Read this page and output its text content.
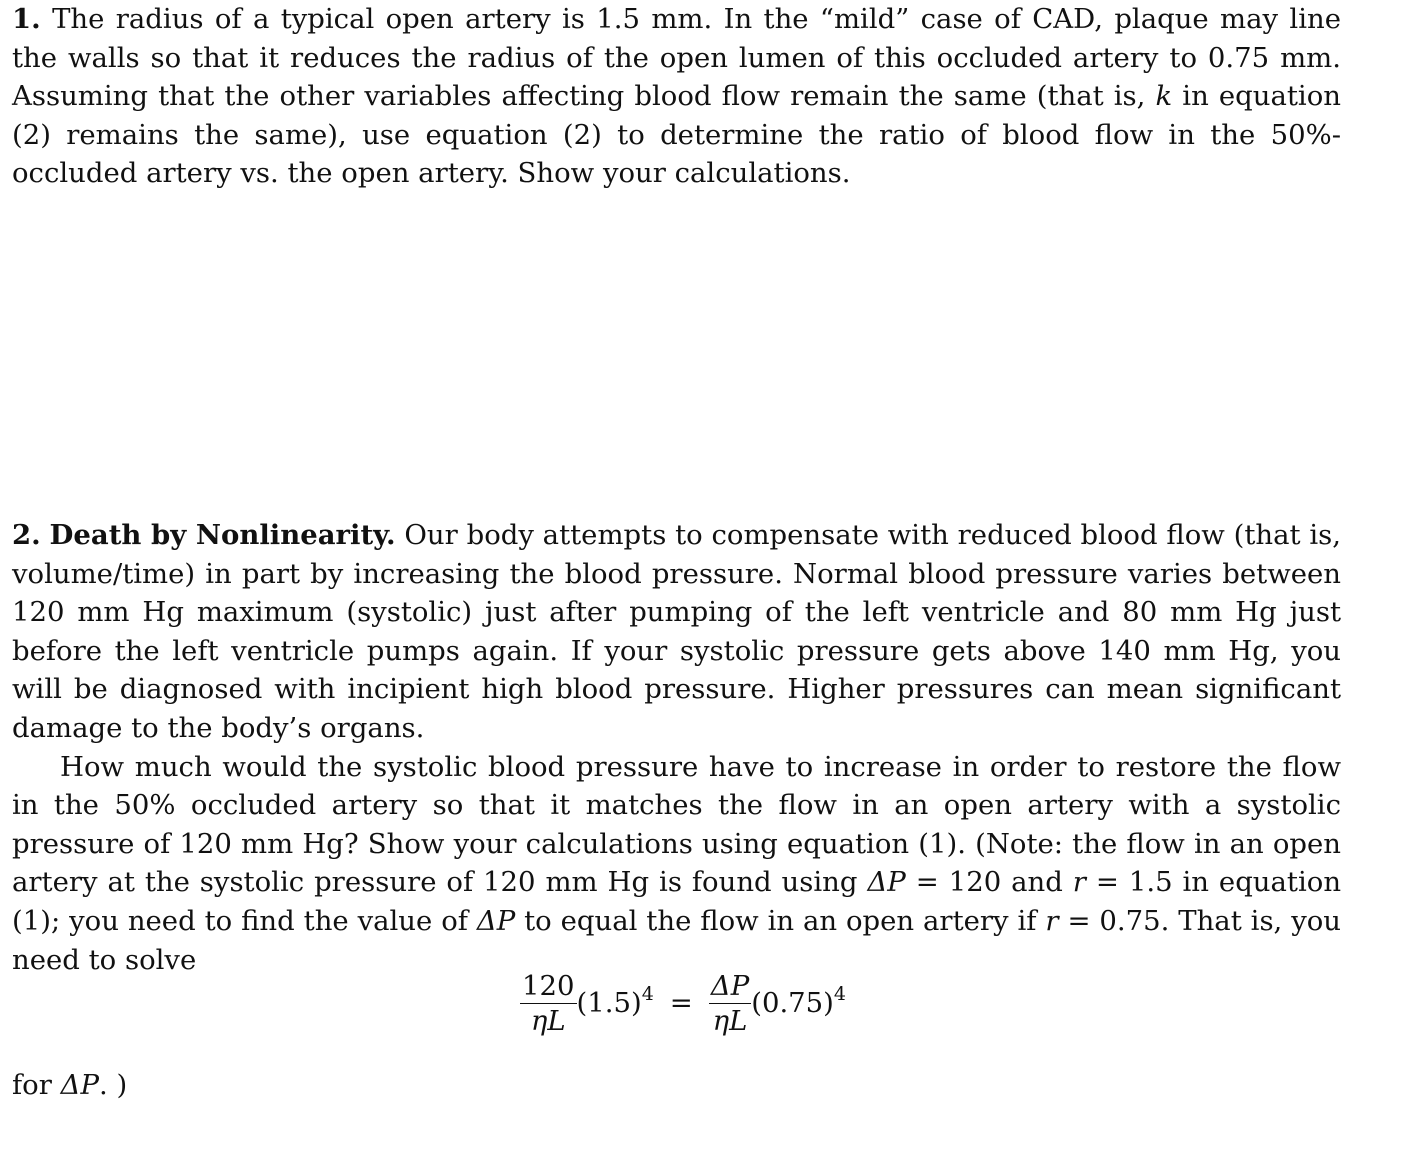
1. The radius of a typical open artery is 1.5 mm. In the “mild” case of CAD, plaque may line the walls so that it reduces the radius of the open lumen of this occluded artery to 0.75 mm. Assuming that the other variables affecting blood flow remain the same (that is, k in equation (2) remains the same), use equation (2) to determine the ratio of blood flow in the 50%-occluded artery vs. the open artery. Show your calculations.

2. Death by Nonlinearity. Our body attempts to compensate with reduced blood flow (that is, volume/time) in part by increasing the blood pressure. Normal blood pressure varies between 120 mm Hg maximum (systolic) just after pumping of the left ventricle and 80 mm Hg just before the left ventricle pumps again. If your systolic pressure gets above 140 mm Hg, you will be diagnosed with incipient high blood pressure. Higher pressures can mean significant damage to the body’s organs.

How much would the systolic blood pressure have to increase in order to restore the flow in the 50% occluded artery so that it matches the flow in an open artery with a systolic pressure of 120 mm Hg? Show your calculations using equation (1). (Note: the flow in an open artery at the systolic pressure of 120 mm Hg is found using ΔP = 120 and r = 1.5 in equation (1); you need to find the value of ΔP to equal the flow in an open artery if r = 0.75. That is, you need to solve

$\frac{120}{\eta L} (1.5)^4 = \frac{\Delta P}{\eta L} (0.75)^4$
for ΔP. )
